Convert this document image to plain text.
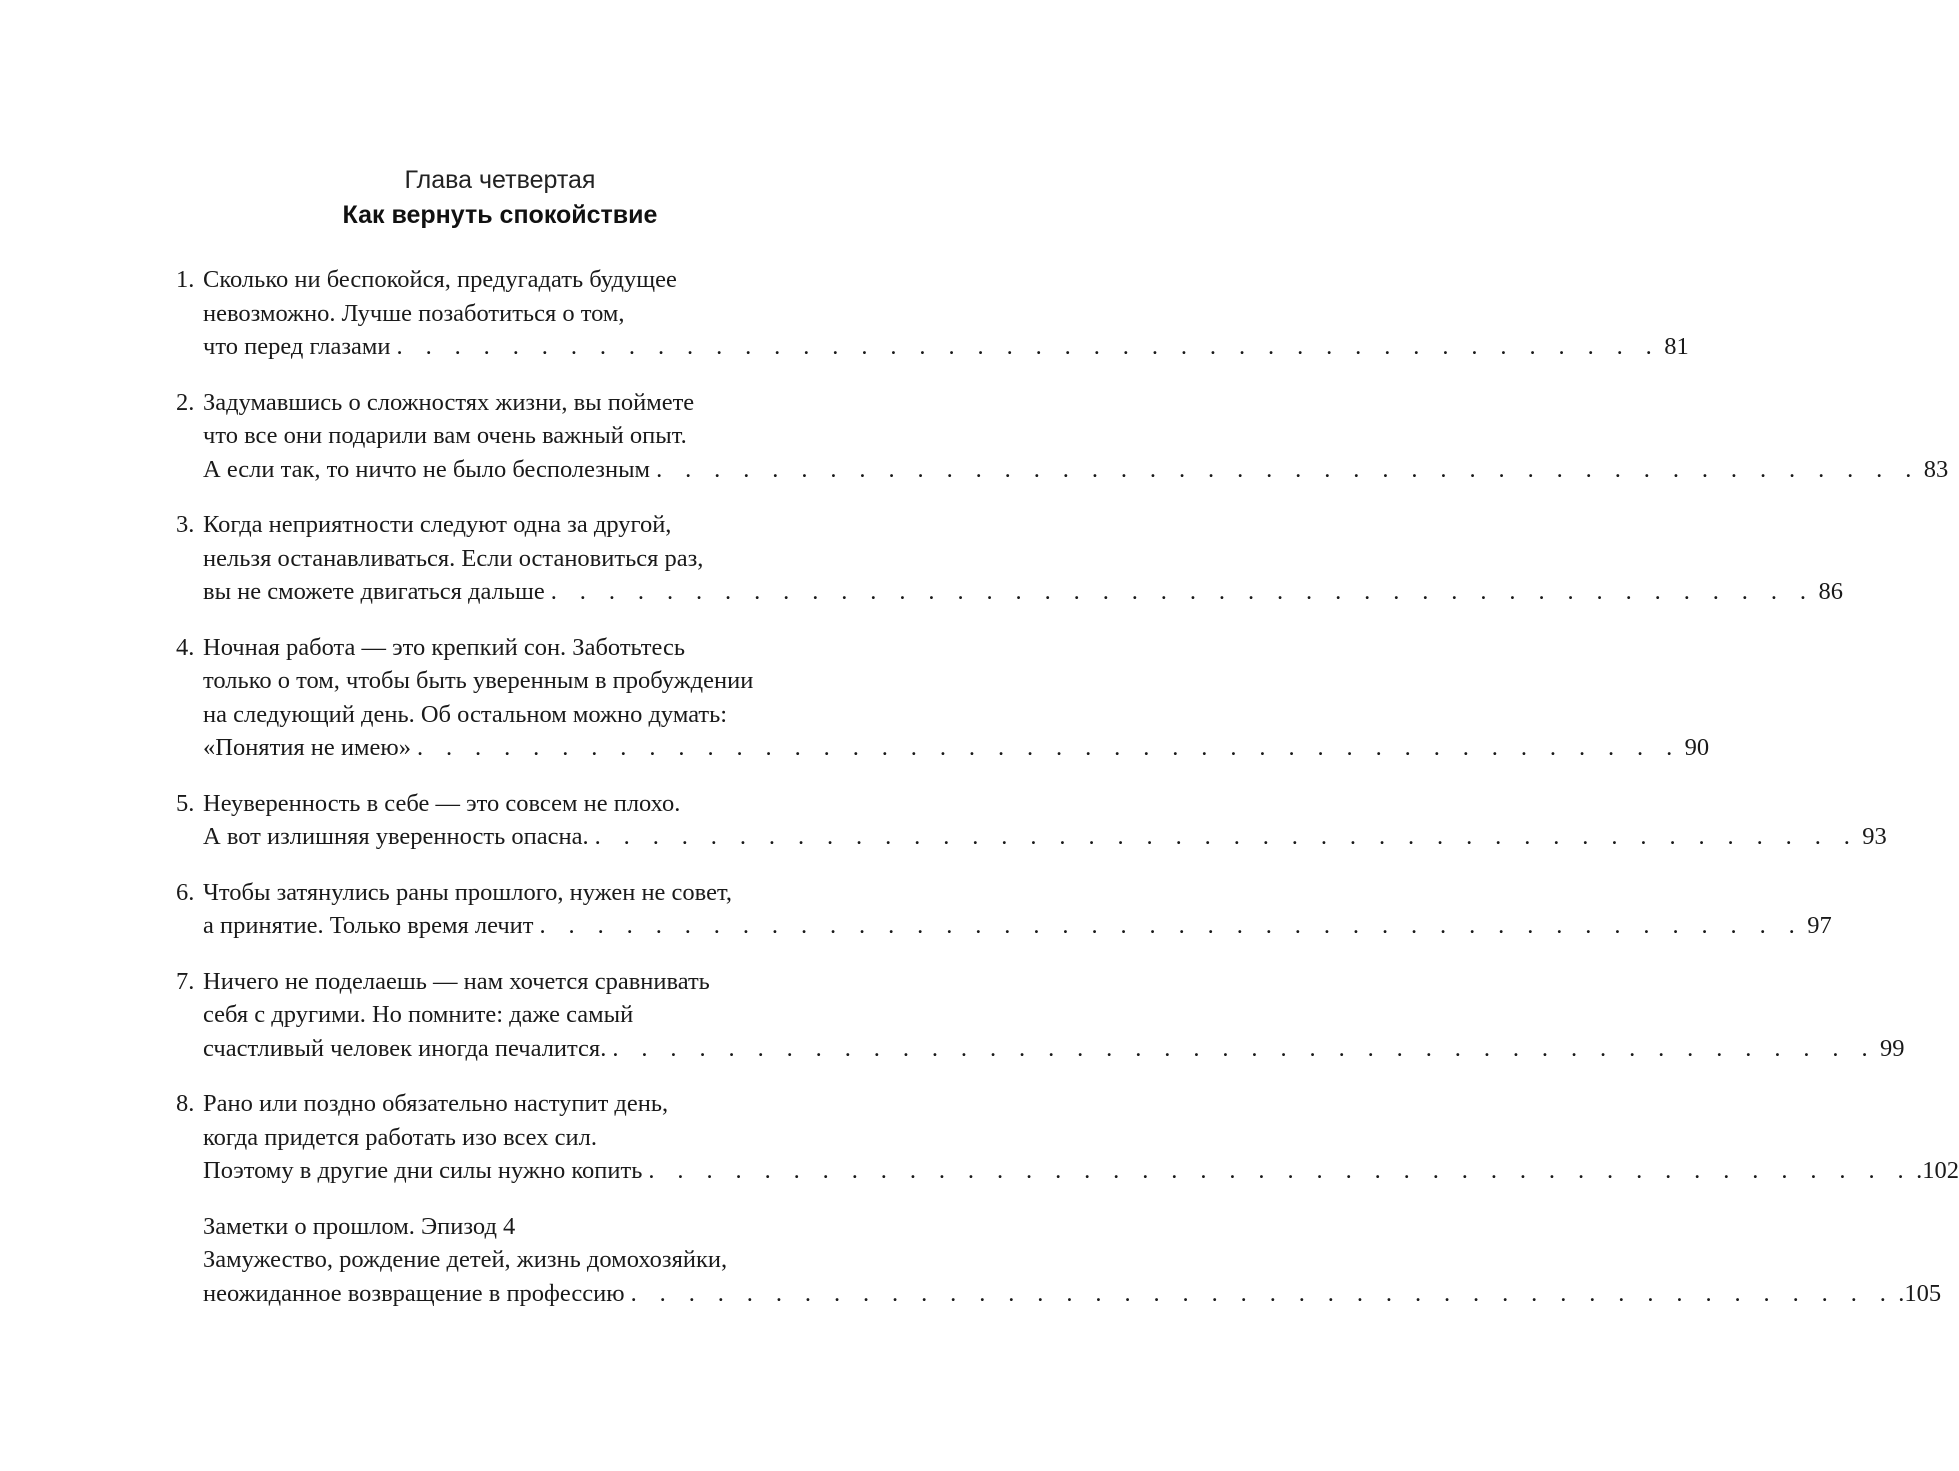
Глава четвертая
Как вернуть спокойствие
1. Сколько ни беспокойся, предугадать будущее
невозможно. Лучше позаботиться о том,
что перед глазами . . . . . . . . . . . . . . . . . . . . . . . . . . . . . . . . . . . . . . . . . . . . 81
2. Задумавшись о сложностях жизни, вы поймете
что все они подарили вам очень важный опыт.
А если так, то ничто не было бесполезным . . . . . . . . . . . . . . . . . . . . . . . . . . . . . . . . . . . . . . . . . . . . 83
3. Когда неприятности следуют одна за другой,
нельзя останавливаться. Если остановиться раз,
вы не сможете двигаться дальше . . . . . . . . . . . . . . . . . . . . . . . . . . . . . . . . . . . . . . . . . . . . 86
4. Ночная работа — это крепкий сон. Заботьтесь
только о том, чтобы быть уверенным в пробуждении
на следующий день. Об остальном можно думать:
«Понятия не имею» . . . . . . . . . . . . . . . . . . . . . . . . . . . . . . . . . . . . . . . . . . . . 90
5. Неуверенность в себе — это совсем не плохо.
А вот излишняя уверенность опасна. . . . . . . . . . . . . . . . . . . . . . . . . . . . . . . . . . . . . . . . . . . . . 93
6. Чтобы затянулись раны прошлого, нужен не совет,
а принятие. Только время лечит . . . . . . . . . . . . . . . . . . . . . . . . . . . . . . . . . . . . . . . . . . . . 97
7. Ничего не поделаешь — нам хочется сравнивать
себя с другими. Но помните: даже самый
счастливый человек иногда печалится. . . . . . . . . . . . . . . . . . . . . . . . . . . . . . . . . . . . . . . . . . . . . 99
8. Рано или поздно обязательно наступит день,
когда придется работать изо всех сил.
Поэтому в другие дни силы нужно копить . . . . . . . . . . . . . . . . . . . . . . . . . . . . . . . . . . . . . . . . . . . . .102
Заметки о прошлом. Эпизод 4
Замужество, рождение детей, жизнь домохозяйки,
неожиданное возвращение в профессию . . . . . . . . . . . . . . . . . . . . . . . . . . . . . . . . . . . . . . . . . . . . .105
